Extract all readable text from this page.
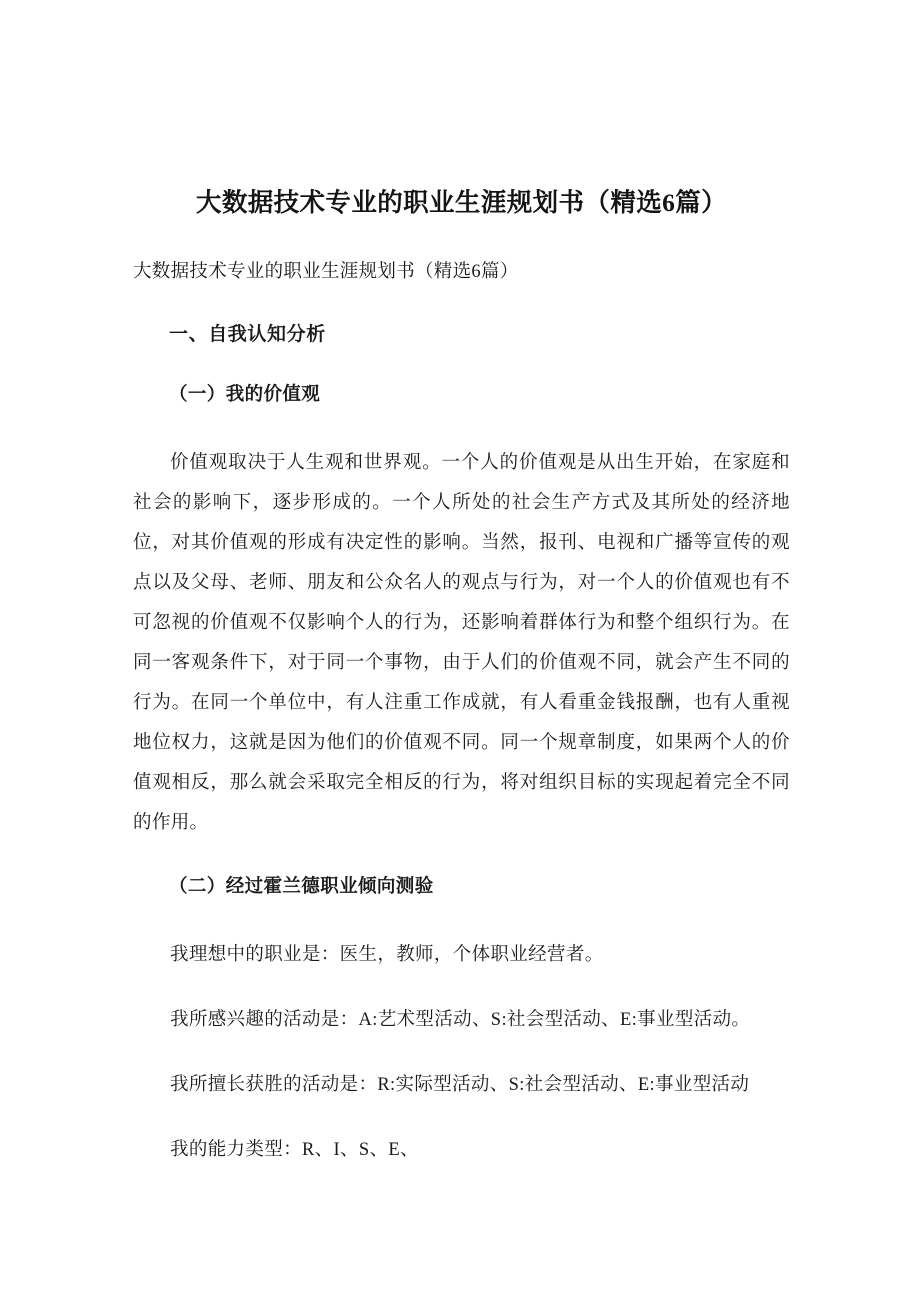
大数据技术专业的职业生涯规划书（精选6篇）

大数据技术专业的职业生涯规划书（精选6篇）

一、自我认知分析
（一）我的价值观

价值观取决于人生观和世界观。一个人的价值观是从出生开始，在家庭和社会的影响下，逐步形成的。一个人所处的社会生产方式及其所处的经济地位，对其价值观的形成有决定性的影响。当然，报刊、电视和广播等宣传的观点以及父母、老师、朋友和公众名人的观点与行为，对一个人的价值观也有不可忽视的价值观不仅影响个人的行为，还影响着群体行为和整个组织行为。在同一客观条件下，对于同一个事物，由于人们的价值观不同，就会产生不同的行为。在同一个单位中，有人注重工作成就，有人看重金钱报酬，也有人重视地位权力，这就是因为他们的价值观不同。同一个规章制度，如果两个人的价值观相反，那么就会采取完全相反的行为，将对组织目标的实现起着完全不同的作用。

（二）经过霍兰德职业倾向测验

我理想中的职业是：医生，教师，个体职业经营者。

我所感兴趣的活动是：A:艺术型活动、S:社会型活动、E:事业型活动。

我所擅长获胜的活动是：R:实际型活动、S:社会型活动、E:事业型活动

我的能力类型：R、I、S、E、
